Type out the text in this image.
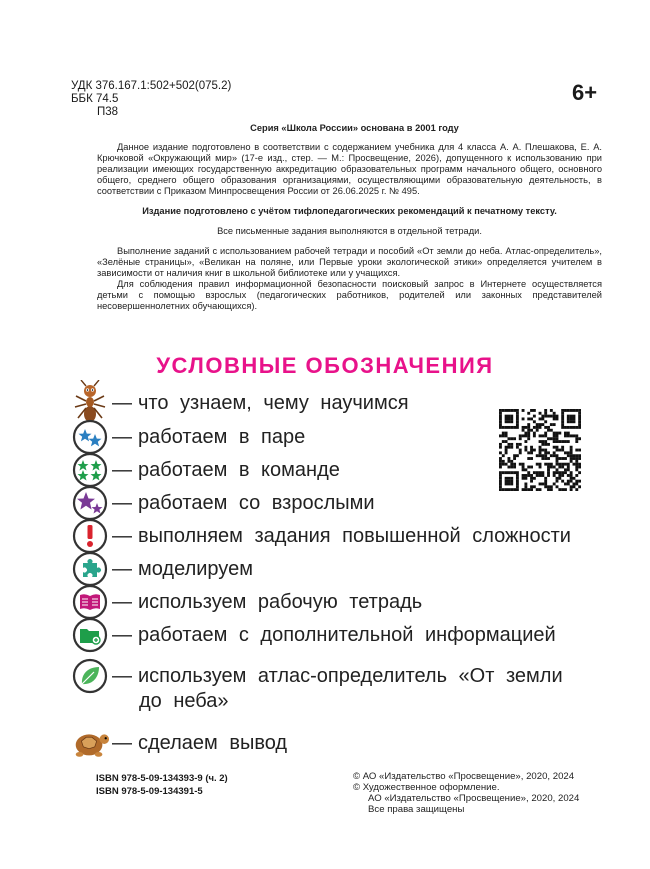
УДК 376.167.1:502+502(075.2)
ББК 74.5
П38
6+

Серия «Школа России» основана в 2001 году

Данное издание подготовлено в соответствии с содержанием учебника для 4 класса А. А. Плешакова, Е. А. Крючковой «Окружающий мир» (17-е изд., стер. — М.: Просвещение, 2026), допущенного к использованию при реализации имеющих государственную аккредитацию образовательных программ начального общего, основного общего, среднего общего образования организациями, осуществляющими образовательную деятельность, в соответствии с Приказом Минпросвещения России от 26.06.2025 г. № 495.

Издание подготовлено с учётом тифлопедагогических рекомендаций к печатному тексту.

Все письменные задания выполняются в отдельной тетради.

Выполнение заданий с использованием рабочей тетради и пособий «От земли до неба. Атлас-определитель», «Зелёные страницы», «Великан на поляне, или Первые уроки экологической этики» определяется учителем в зависимости от наличия книг в школьной библиотеке или у учащихся.

Для соблюдения правил информационной безопасности поисковый запрос в Интернете осуществляется детьми с помощью взрослых (педагогических работников, родителей или законных представителей несовершеннолетних обучающихся).

УСЛОВНЫЕ ОБОЗНАЧЕНИЯ
— что узнаем, чему научимся
— работаем в паре
— работаем в команде
— работаем со взрослыми
— выполняем задания повышенной сложности
— моделируем
— используем рабочую тетрадь
— работаем с дополнительной информацией
— используем атлас-определитель «От земли
до неба»
— сделаем вывод
ISBN 978-5-09-134393-9 (ч. 2)
ISBN 978-5-09-134391-5
© АО «Издательство «Просвещение», 2020, 2024
© Художественное оформление.
АО «Издательство «Просвещение», 2020, 2024
Все права защищены
